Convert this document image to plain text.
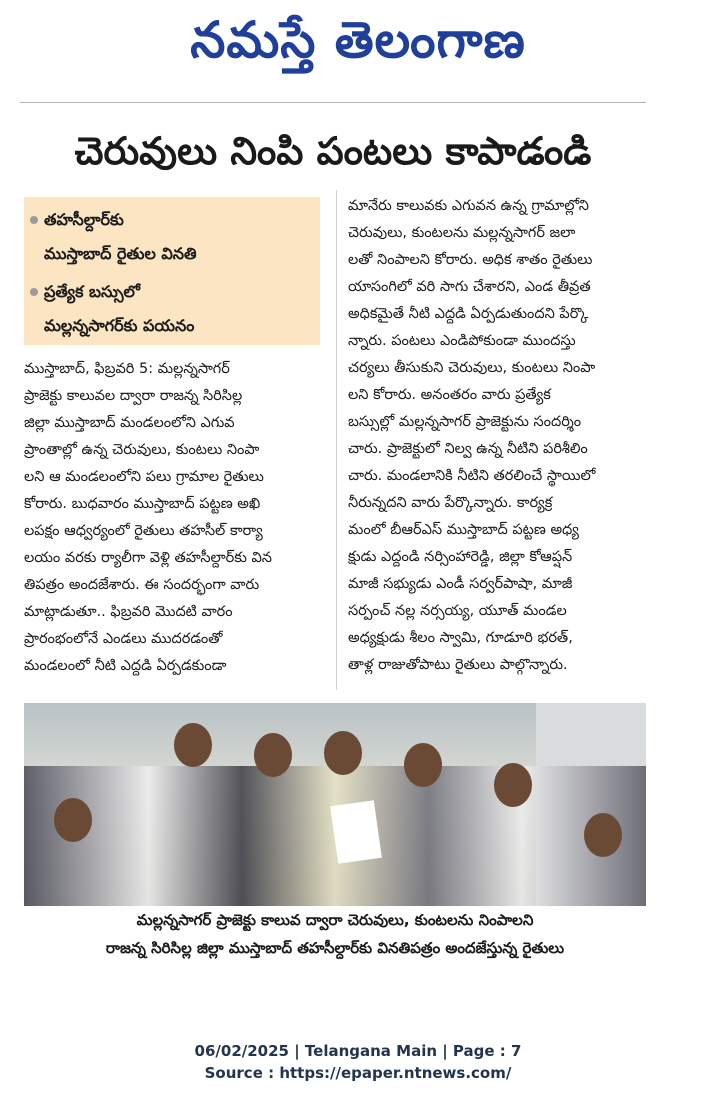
నమస్తే తెలంగాణ
చెరువులు నింపి పంటలు కాపాడండి
తహసీల్దార్‌కు
ముస్తాబాద్‌ రైతుల వినతి
ప్రత్యేక బస్సులో
మల్లన్నసాగర్‌కు పయనం
ముస్తాబాద్‌, ఫిబ్రవరి 5: మల్లన్నసాగర్‌
ప్రాజెక్టు కాలువల ద్వారా రాజన్న సిరిసిల్ల
జిల్లా ముస్తాబాద్‌ మండలంలోని ఎగువ
ప్రాంతాల్లో ఉన్న చెరువులు, కుంటలు నింపా
లని ఆ మండలంలోని పలు గ్రామాల రైతులు
కోరారు. బుధవారం ముస్తాబాద్‌ పట్టణ అఖి
లపక్షం ఆధ్వర్యంలో రైతులు తహసీల్‌ కార్యా
లయం వరకు ర్యాలీగా వెళ్లి తహసీల్దార్‌కు విన
తిపత్రం అందజేశారు. ఈ సందర్భంగా వారు
మాట్లాడుతూ.. ఫిబ్రవరి మొదటి వారం
ప్రారంభంలోనే ఎండలు ముదరడంతో
మండలంలో నీటి ఎద్దడి ఏర్పడకుండా
మానేరు కాలువకు ఎగువన ఉన్న గ్రామాల్లోని
చెరువులు, కుంటలను మల్లన్నసాగర్‌ జలా
లతో నింపాలని కోరారు. అధిక శాతం రైతులు
యాసంగిలో వరి సాగు చేశారని, ఎండ తీవ్రత
అధికమైతే నీటి ఎద్దడి ఏర్పడుతుందని పేర్కొ
న్నారు. పంటలు ఎండిపోకుండా ముందస్తు
చర్యలు తీసుకుని చెరువులు, కుంటలు నింపా
లని కోరారు. అనంతరం వారు ప్రత్యేక
బస్సుల్లో మల్లన్నసాగర్‌ ప్రాజెక్టును సందర్శిం
చారు. ప్రాజెక్టులో నిల్వ ఉన్న నీటిని పరిశీలిం
చారు. మండలానికి నీటిని తరలించే స్థాయిలో
నీరున్నదని వారు పేర్కొన్నారు. కార్యక్ర
మంలో బీఆర్‌ఎస్‌ ముస్తాబాద్‌ పట్టణ అధ్య
క్షుడు ఎద్దండి నర్సింహారెడ్డి, జిల్లా కోఆప్షన్‌
మాజీ సభ్యుడు ఎండీ సర్వర్‌పాషా, మాజీ
సర్పంచ్‌ నల్ల నర్సయ్య, యూత్‌ మండల
అధ్యక్షుడు శీలం స్వామి, గూడూరి భరత్‌,
తాళ్ల రాజుతోపాటు రైతులు పాల్గొన్నారు.
మల్లన్నసాగర్‌ ప్రాజెక్టు కాలువ ద్వారా చెరువులు, కుంటలను నింపాలని
రాజన్న సిరిసిల్ల జిల్లా ముస్తాబాద్‌ తహసీల్దార్‌కు వినతిపత్రం అందజేస్తున్న రైతులు
06/02/2025 | Telangana Main | Page : 7
Source : https://epaper.ntnews.com/
